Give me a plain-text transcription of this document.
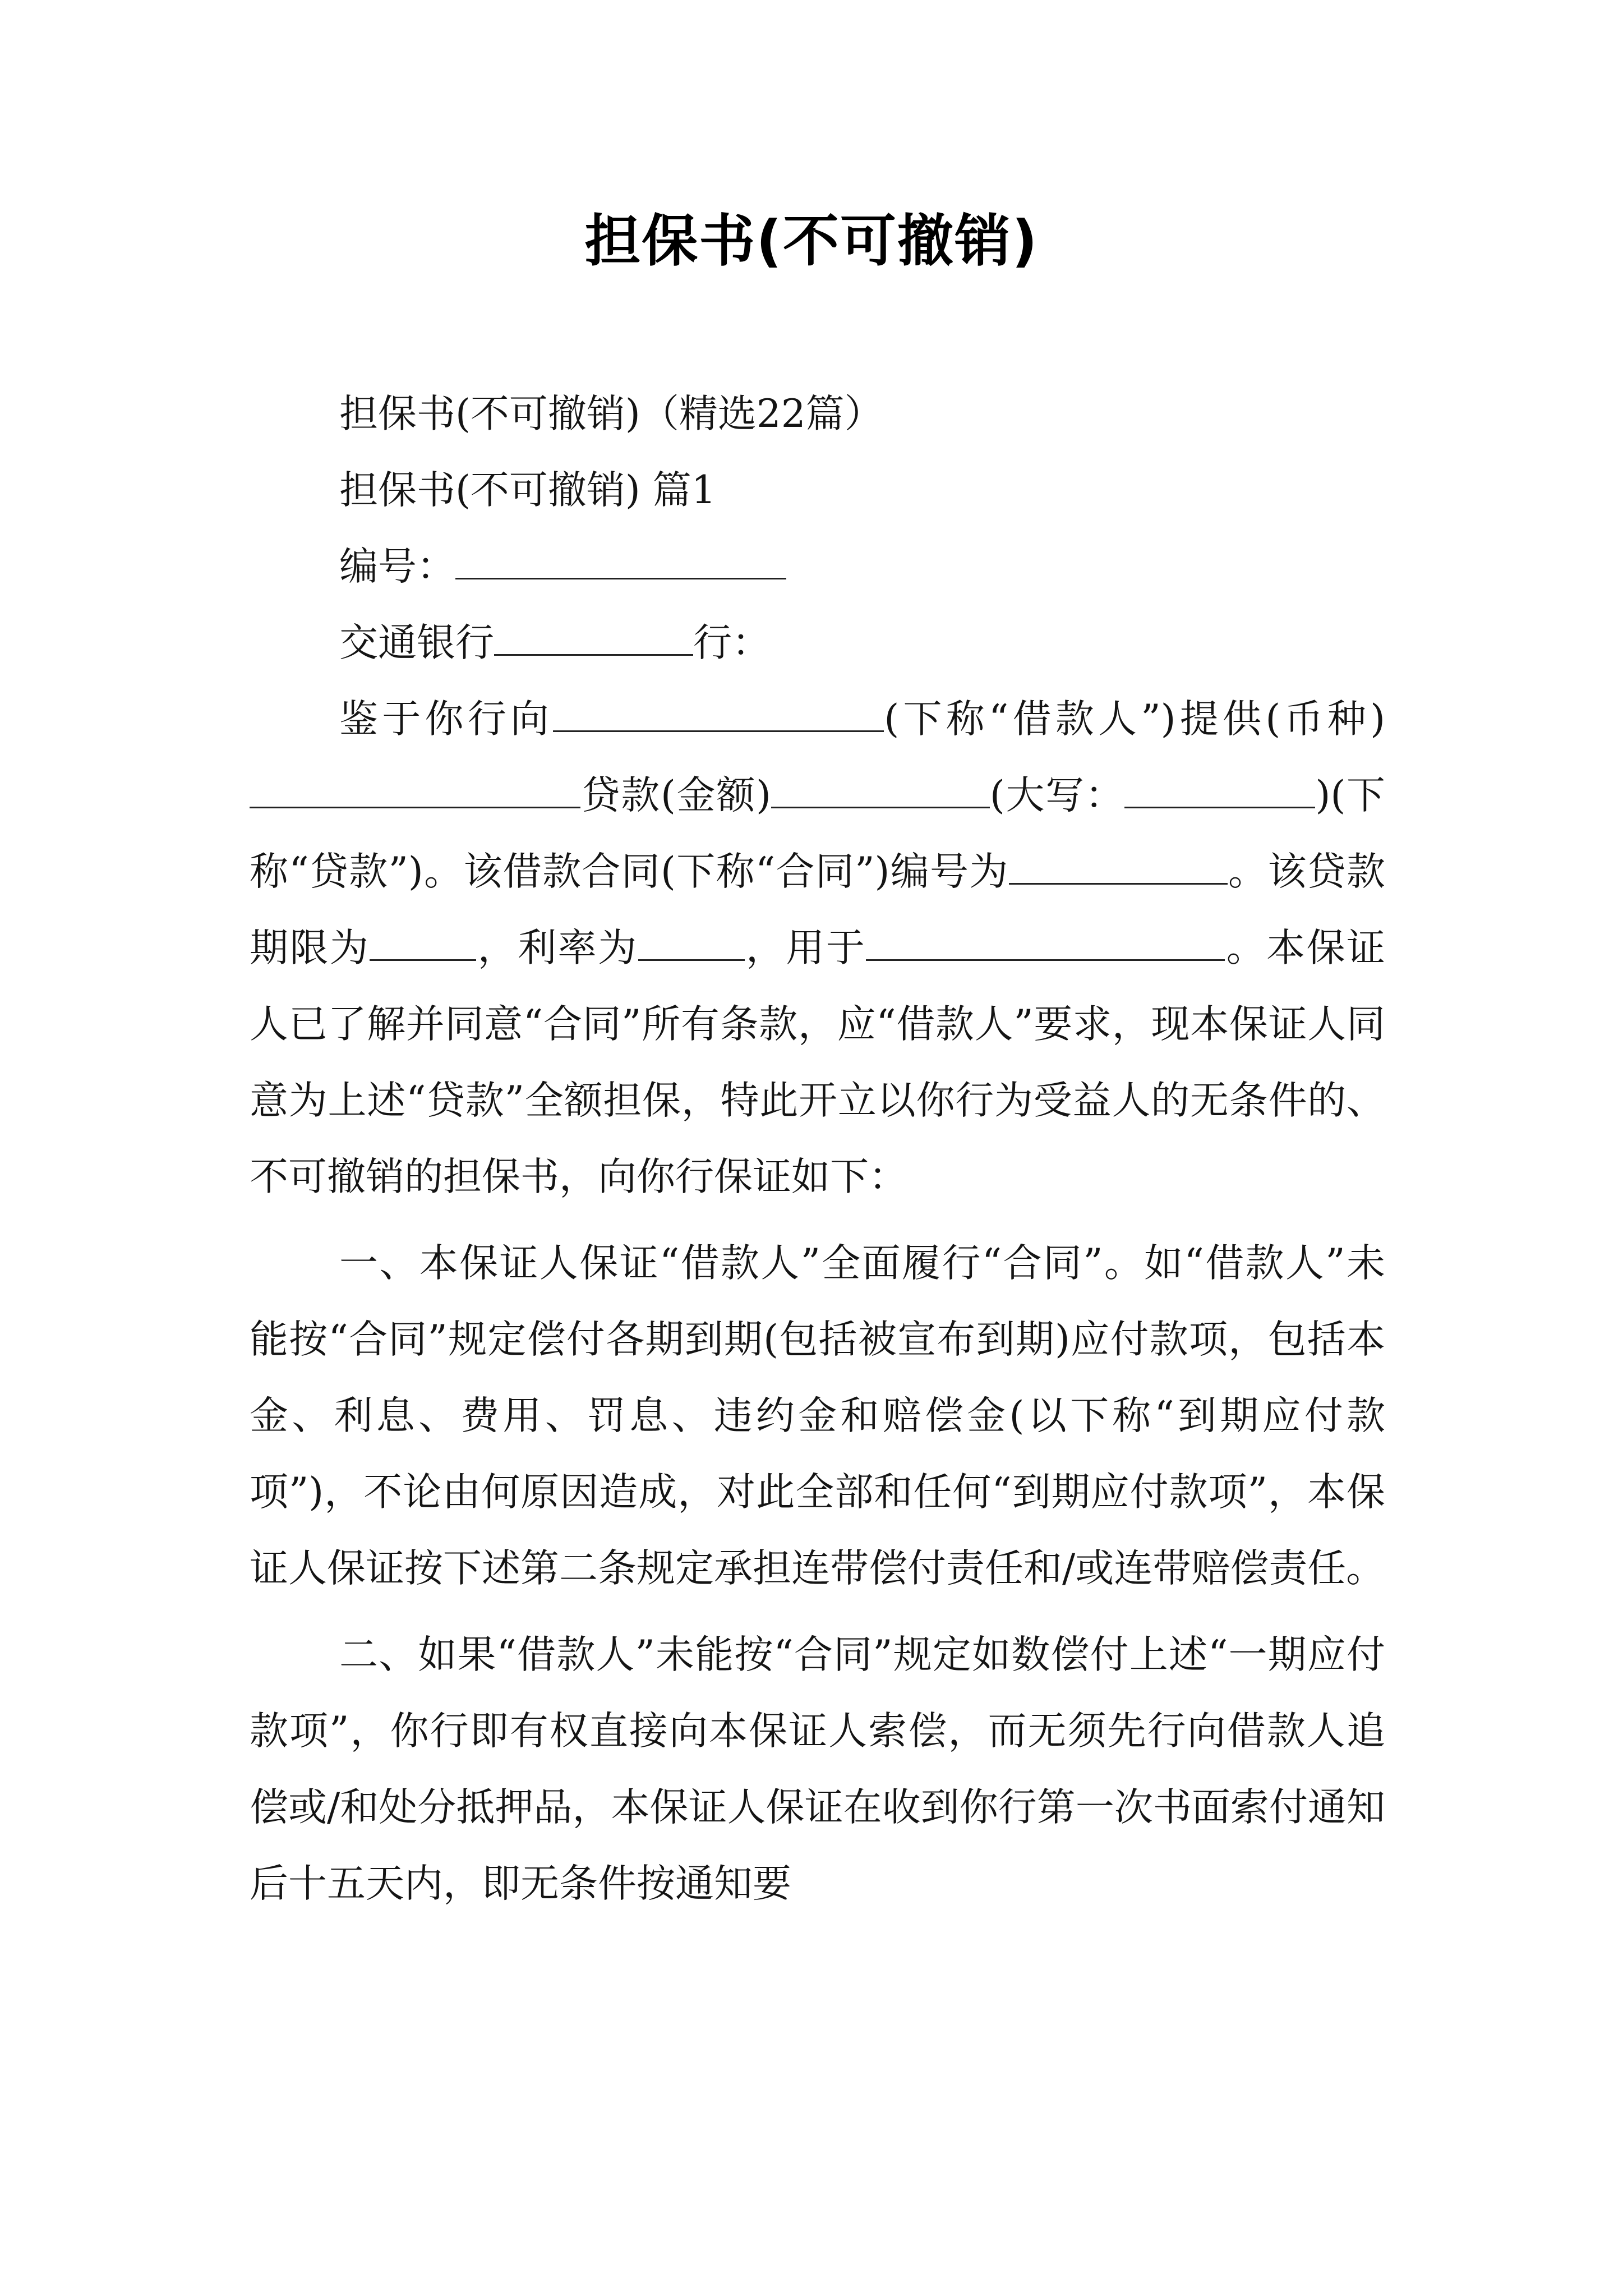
担保书(不可撤销)

担保书(不可撤销)（精选22篇）

担保书(不可撤销) 篇1

编号：

交通银行	行：

鉴于你行向	(下称“借款人”)提供(币种)贷款(金额)	(大写：	)(下称“贷款”)。该借款合同(下称“合同”)编号为	。该贷款期限为	，利率为	，用于	。本保证人已了解并同意“合同”所有条款，应“借款人”要求，现本保证人同意为上述“贷款”全额担保，特此开立以你行为受益人的无条件的、不可撤销的担保书，向你行保证如下：

一、本保证人保证“借款人”全面履行“合同”。如“借款人”未能按“合同”规定偿付各期到期(包括被宣布到期)应付款项，包括本金、利息、费用、罚息、违约金和赔偿金(以下称“到期应付款项”)，不论由何原因造成，对此全部和任何“到期应付款项”，本保证人保证按下述第二条规定承担连带偿付责任和/或连带赔偿责任。

二、如果“借款人”未能按“合同”规定如数偿付上述“一期应付款项”，你行即有权直接向本保证人索偿，而无须先行向借款人追偿或/和处分抵押品，本保证人保证在收到你行第一次书面索付通知后十五天内，即无条件按通知要
